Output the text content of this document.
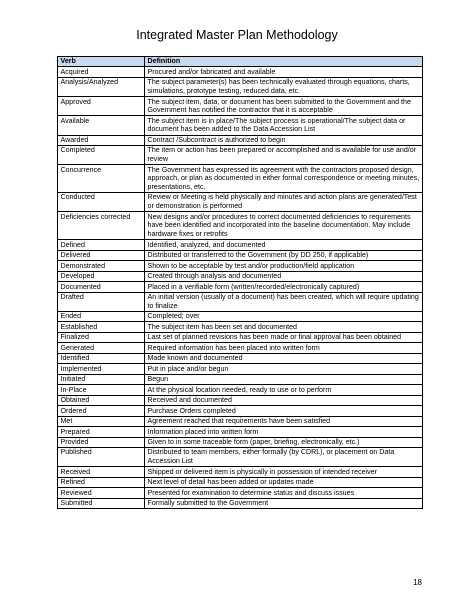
Integrated Master Plan Methodology
Verb	Definition
Acquired	Procured and/or fabricated and available
Analysis/Analyzed	The subject parameter(s) has been technically evaluated through equations, charts, simulations, prototype testing, reduced data, etc.
Approved	The subject item, data, or document has been submitted to the Government and the Government has notified the contractor that it is acceptable
Available	The subject item is in place/The subject process is operational/The subject data or document has been added to the Data Accession List
Awarded	Contract /Subcontract is authorized to begin
Completed	The item or action has been prepared or accomplished and is available for use and/or review
Concurrence	The Government has expressed its agreement with the contractors proposed design, approach, or plan as documented in either formal correspondence or meeting minutes, presentations, etc.
Conducted	Review or Meeting is held physically and minutes and action plans are generated/Test or demonstration is performed
Deficiencies corrected	New designs and/or procedures to correct documented deficiencies to requirements have been identified and incorporated into the baseline documentation. May include hardware fixes or retrofits
Defined	Identified, analyzed, and documented
Delivered	Distributed or transferred to the Government (by DD 250, if applicable)
Demonstrated	Shown to be acceptable by test and/or production/field application
Developed	Created through analysis and documented
Documented	Placed in a verifiable form (written/recorded/electronically captured)
Drafted	An initial version (usually of a document) has been created, which will require updating to finalize
Ended	Completed; over
Established	The subject item has been set and documented
Finalized	Last set of planned revisions has been made or final approval has been obtained
Generated	Required information has been placed into written form
Identified	Made known and documented
Implemented	Put in place and/or begun
Initiated	Begun
In-Place	At the physical location needed, ready to use or to perform
Obtained	Received and documented
Ordered	Purchase Orders completed
Met	Agreement reached that requirements have been satisfied
Prepared	Information placed into written form
Provided	Given to in some traceable form (paper, briefing, electronically, etc.)
Published	Distributed to team members, either formally (by CDRL), or placement on Data Accession List
Received	Shipped or delivered item is physically in possession of intended receiver
Refined	Next level of detail has been added or updates made
Reviewed	Presented for examination to determine status and discuss issues
Submitted	Formally submitted to the Government
18
